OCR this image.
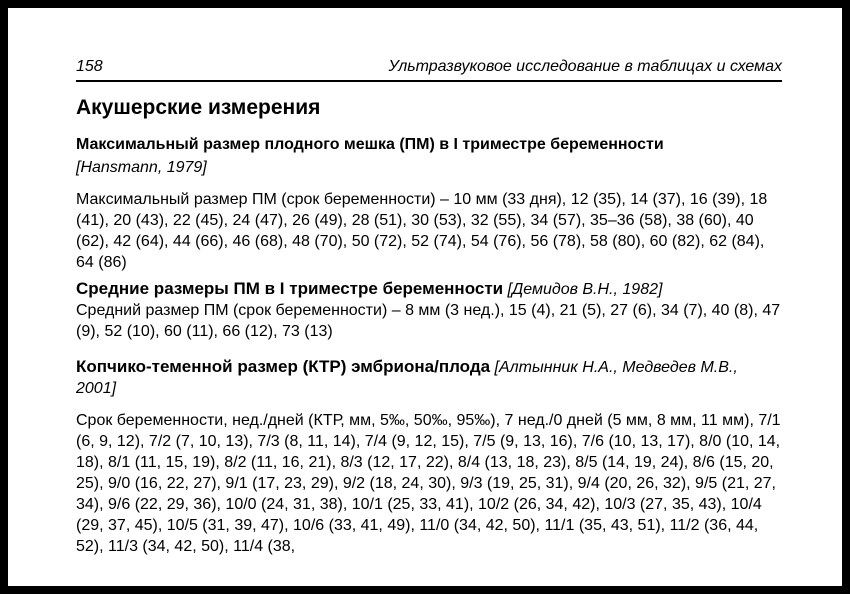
158	Ультразвуковое исследование в таблицах и схемах
Акушерские измерения
Максимальный размер плодного мешка (ПМ) в I триместре беременности
[Hansmann, 1979]
Максимальный размер ПМ (срок беременности) – 10 мм (33 дня), 12 (35), 14 (37), 16 (39), 18 (41), 20 (43), 22 (45), 24 (47), 26 (49), 28 (51), 30 (53), 32 (55), 34 (57), 35–36 (58), 38 (60), 40 (62), 42 (64), 44 (66), 46 (68), 48 (70), 50 (72), 52 (74), 54 (76), 56 (78), 58 (80), 60 (82), 62 (84), 64 (86)
Средние размеры ПМ в I триместре беременности [Демидов В.Н., 1982]
Средний размер ПМ (срок беременности) – 8 мм (3 нед.), 15 (4), 21 (5), 27 (6), 34 (7), 40 (8), 47 (9), 52 (10), 60 (11), 66 (12), 73 (13)
Копчико-теменной размер (КТР) эмбриона/плода [Алтынник Н.А., Медведев М.В., 2001]
Срок беременности, нед./дней (КТР, мм, 5‰, 50‰, 95‰), 7 нед./0 дней (5 мм, 8 мм, 11 мм), 7/1 (6, 9, 12), 7/2 (7, 10, 13), 7/3 (8, 11, 14), 7/4 (9, 12, 15), 7/5 (9, 13, 16), 7/6 (10, 13, 17), 8/0 (10, 14, 18), 8/1 (11, 15, 19), 8/2 (11, 16, 21), 8/3 (12, 17, 22), 8/4 (13, 18, 23), 8/5 (14, 19, 24), 8/6 (15, 20, 25), 9/0 (16, 22, 27), 9/1 (17, 23, 29), 9/2 (18, 24, 30), 9/3 (19, 25, 31), 9/4 (20, 26, 32), 9/5 (21, 27, 34), 9/6 (22, 29, 36), 10/0 (24, 31, 38), 10/1 (25, 33, 41), 10/2 (26, 34, 42), 10/3 (27, 35, 43), 10/4 (29, 37, 45), 10/5 (31, 39, 47), 10/6 (33, 41, 49), 11/0 (34, 42, 50), 11/1 (35, 43, 51), 11/2 (36, 44, 52), 11/3 (34, 42, 50), 11/4 (38,
